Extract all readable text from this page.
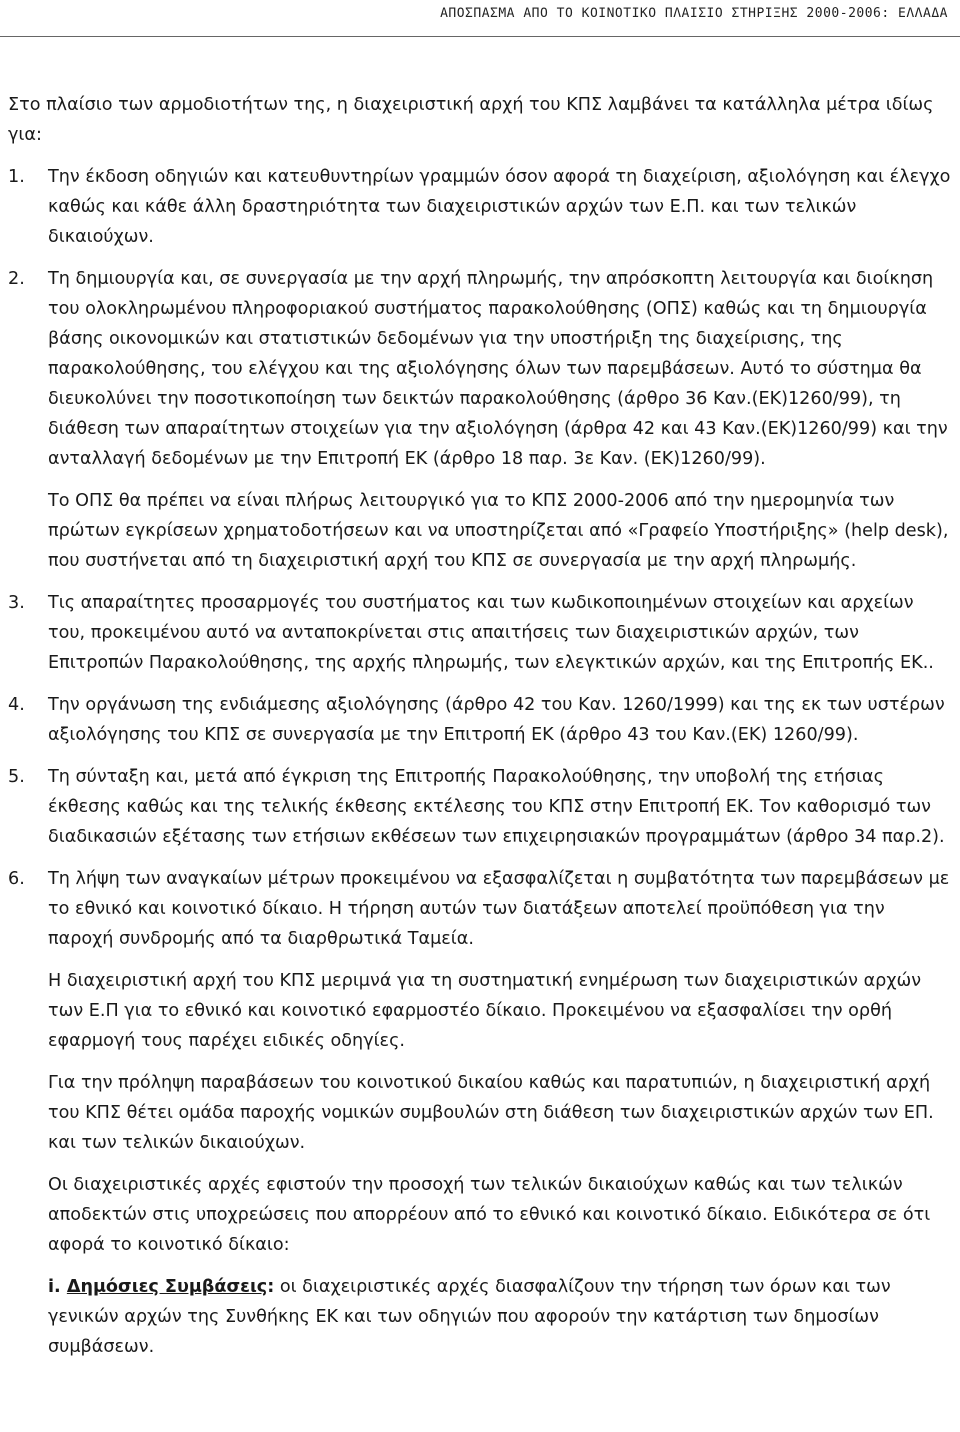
ΑΠΟΣΠΑΣΜΑ ΑΠΟ ΤΟ ΚΟΙΝΟΤΙΚΟ ΠΛΑΙΣΙΟ ΣΤΗΡΙΞΗΣ 2000-2006: ΕΛΛΑΔΑ

Στο πλαίσιο των αρμοδιοτήτων της, η διαχειριστική αρχή του ΚΠΣ λαμβάνει τα κατάλληλα μέτρα ιδίως για:

1. Την έκδοση οδηγιών και κατευθυντηρίων γραμμών όσον αφορά τη διαχείριση, αξιολόγηση και έλεγχο καθώς και κάθε άλλη δραστηριότητα των διαχειριστικών αρχών των Ε.Π. και των τελικών δικαιούχων.

2. Τη δημιουργία και, σε συνεργασία με την αρχή πληρωμής, την απρόσκοπτη λειτουργία και διοίκηση του ολοκληρωμένου πληροφοριακού συστήματος παρακολούθησης (ΟΠΣ) καθώς και τη δημιουργία βάσης οικονομικών και στατιστικών δεδομένων για την υποστήριξη της διαχείρισης, της παρακολούθησης, του ελέγχου και της αξιολόγησης όλων των παρεμβάσεων. Αυτό το σύστημα θα διευκολύνει την ποσοτικοποίηση των δεικτών παρακολούθησης (άρθρο 36 Καν.(ΕΚ)1260/99), τη διάθεση των απαραίτητων στοιχείων για την αξιολόγηση (άρθρα 42 και 43 Καν.(ΕΚ)1260/99) και την ανταλλαγή δεδομένων με την Επιτροπή ΕΚ (άρθρο 18 παρ. 3ε Καν. (ΕΚ)1260/99).

Το ΟΠΣ θα πρέπει να είναι πλήρως λειτουργικό για το ΚΠΣ 2000-2006 από την ημερομηνία των πρώτων εγκρίσεων χρηματοδοτήσεων και να υποστηρίζεται από «Γραφείο Υποστήριξης» (help desk), που συστήνεται από τη διαχειριστική αρχή του ΚΠΣ σε συνεργασία με την αρχή πληρωμής.

3. Τις απαραίτητες προσαρμογές του συστήματος και των κωδικοποιημένων στοιχείων και αρχείων του, προκειμένου αυτό να ανταποκρίνεται στις απαιτήσεις των διαχειριστικών αρχών, των Επιτροπών Παρακολούθησης, της αρχής πληρωμής, των ελεγκτικών αρχών, και της Επιτροπής ΕΚ..

4. Την οργάνωση της ενδιάμεσης αξιολόγησης (άρθρο 42 του Καν. 1260/1999) και της εκ των υστέρων αξιολόγησης του ΚΠΣ σε συνεργασία με την Επιτροπή ΕΚ (άρθρο 43 του Καν.(ΕΚ) 1260/99).

5. Τη σύνταξη και, μετά από έγκριση της Επιτροπής Παρακολούθησης, την υποβολή της ετήσιας έκθεσης καθώς και της τελικής έκθεσης εκτέλεσης του ΚΠΣ στην Επιτροπή ΕΚ. Τον καθορισμό των διαδικασιών εξέτασης των ετήσιων εκθέσεων των επιχειρησιακών προγραμμάτων (άρθρο 34 παρ.2).

6. Τη λήψη των αναγκαίων μέτρων προκειμένου να εξασφαλίζεται η συμβατότητα των παρεμβάσεων με το εθνικό και κοινοτικό δίκαιο. Η τήρηση αυτών των διατάξεων αποτελεί προϋπόθεση για την παροχή συνδρομής από τα διαρθρωτικά Ταμεία.

Η διαχειριστική αρχή του ΚΠΣ μεριμνά για τη συστηματική ενημέρωση των διαχειριστικών αρχών των Ε.Π για το εθνικό και κοινοτικό εφαρμοστέο δίκαιο. Προκειμένου να εξασφαλίσει την ορθή εφαρμογή τους παρέχει ειδικές οδηγίες.

Για την πρόληψη παραβάσεων του κοινοτικού δικαίου καθώς και παρατυπιών, η διαχειριστική αρχή του ΚΠΣ θέτει ομάδα παροχής νομικών συμβουλών στη διάθεση των διαχειριστικών αρχών των ΕΠ. και των τελικών δικαιούχων.

Οι διαχειριστικές αρχές εφιστούν την προσοχή των τελικών δικαιούχων καθώς και των τελικών αποδεκτών στις υποχρεώσεις που απορρέουν από το εθνικό και κοινοτικό δίκαιο. Ειδικότερα σε ότι αφορά το κοινοτικό δίκαιο:

i. Δημόσιες Συμβάσεις: οι διαχειριστικές αρχές διασφαλίζουν την τήρηση των όρων και των γενικών αρχών της Συνθήκης ΕΚ και των οδηγιών που αφορούν την κατάρτιση των δημοσίων συμβάσεων.
